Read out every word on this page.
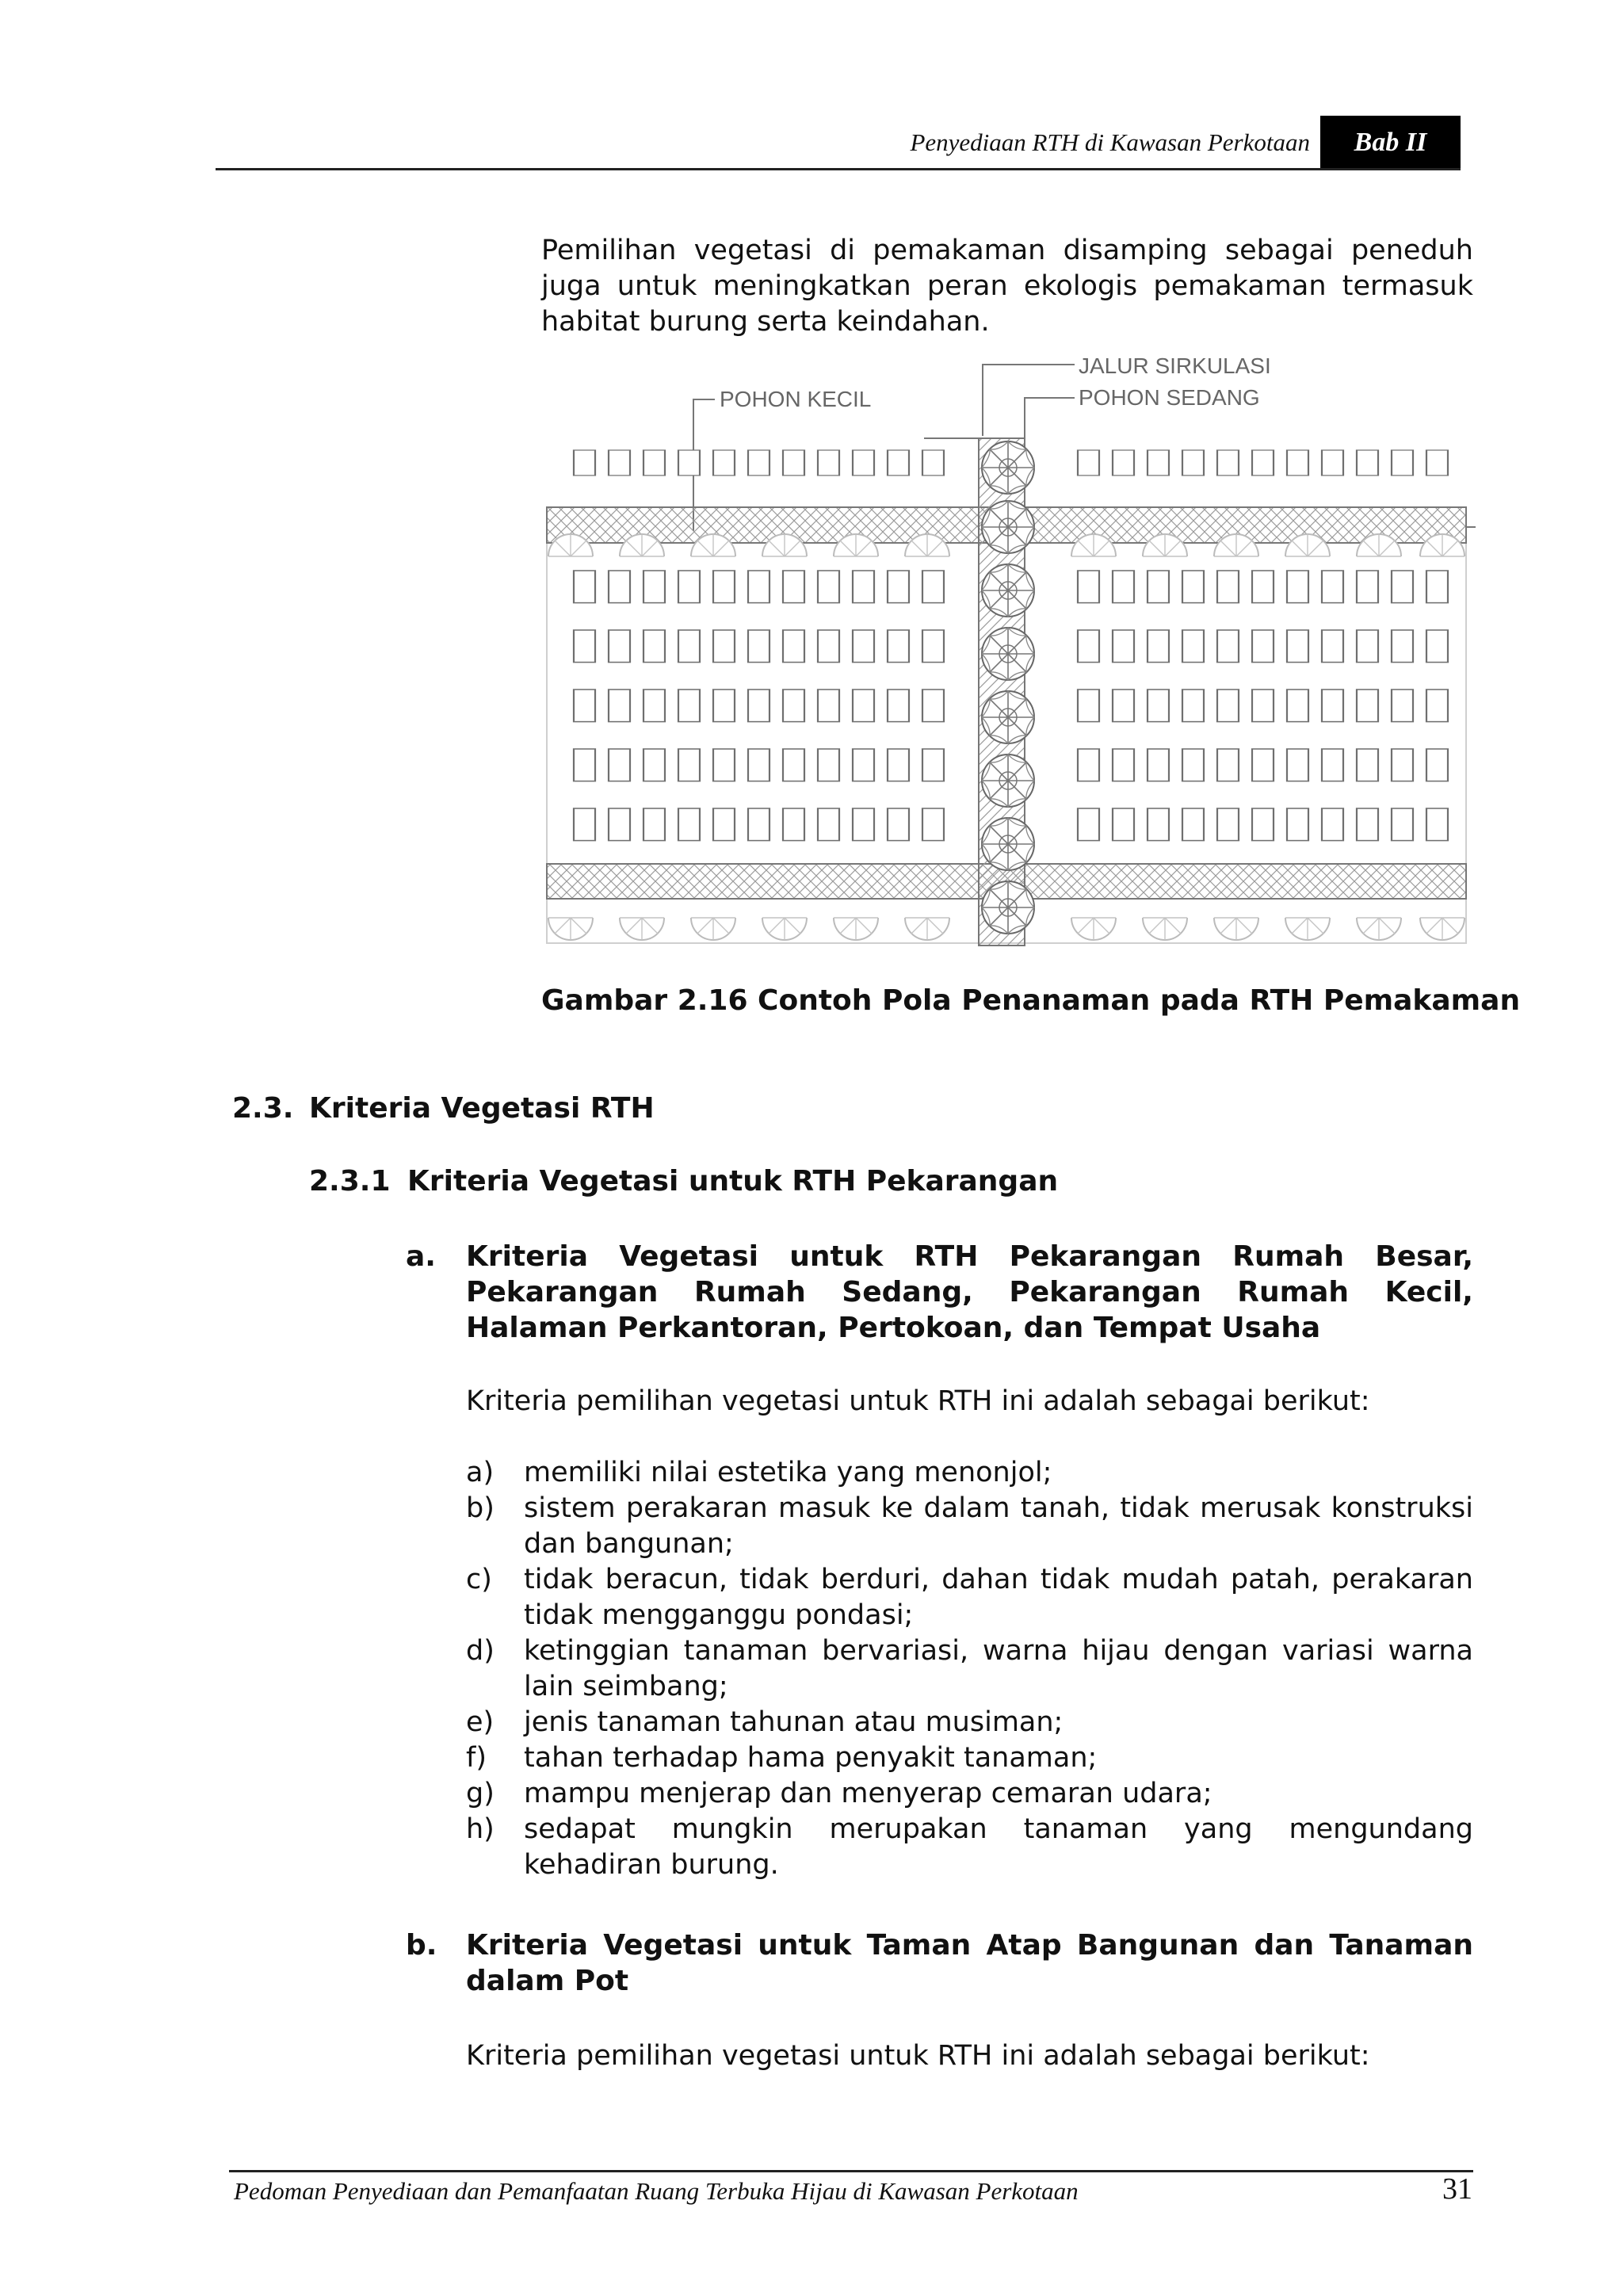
Penyediaan RTH di Kawasan Perkotaan	Bab II
Pemilihan vegetasi di pemakaman disamping sebagai peneduh juga untuk meningkatkan peran ekologis pemakaman termasuk habitat burung serta keindahan.
POHON KECIL
JALUR SIRKULASI
POHON SEDANG
Gambar 2.16 Contoh Pola Penanaman pada RTH Pemakaman
2.3. Kriteria Vegetasi RTH
2.3.1 Kriteria Vegetasi untuk RTH Pekarangan
a. Kriteria Vegetasi untuk RTH Pekarangan Rumah Besar, Pekarangan Rumah Sedang, Pekarangan Rumah Kecil, Halaman Perkantoran, Pertokoan, dan Tempat Usaha
Kriteria pemilihan vegetasi untuk RTH ini adalah sebagai berikut:
a) memiliki nilai estetika yang menonjol;
b) sistem perakaran masuk ke dalam tanah, tidak merusak konstruksi dan bangunan;
c) tidak beracun, tidak berduri, dahan tidak mudah patah, perakaran tidak mengganggu pondasi;
d) ketinggian tanaman bervariasi, warna hijau dengan variasi warna lain seimbang;
e) jenis tanaman tahunan atau musiman;
f) tahan terhadap hama penyakit tanaman;
g) mampu menjerap dan menyerap cemaran udara;
h) sedapat mungkin merupakan tanaman yang mengundang kehadiran burung.
b. Kriteria Vegetasi untuk Taman Atap Bangunan dan Tanaman dalam Pot
Kriteria pemilihan vegetasi untuk RTH ini adalah sebagai berikut:
Pedoman Penyediaan dan Pemanfaatan Ruang Terbuka Hijau di Kawasan Perkotaan	31
